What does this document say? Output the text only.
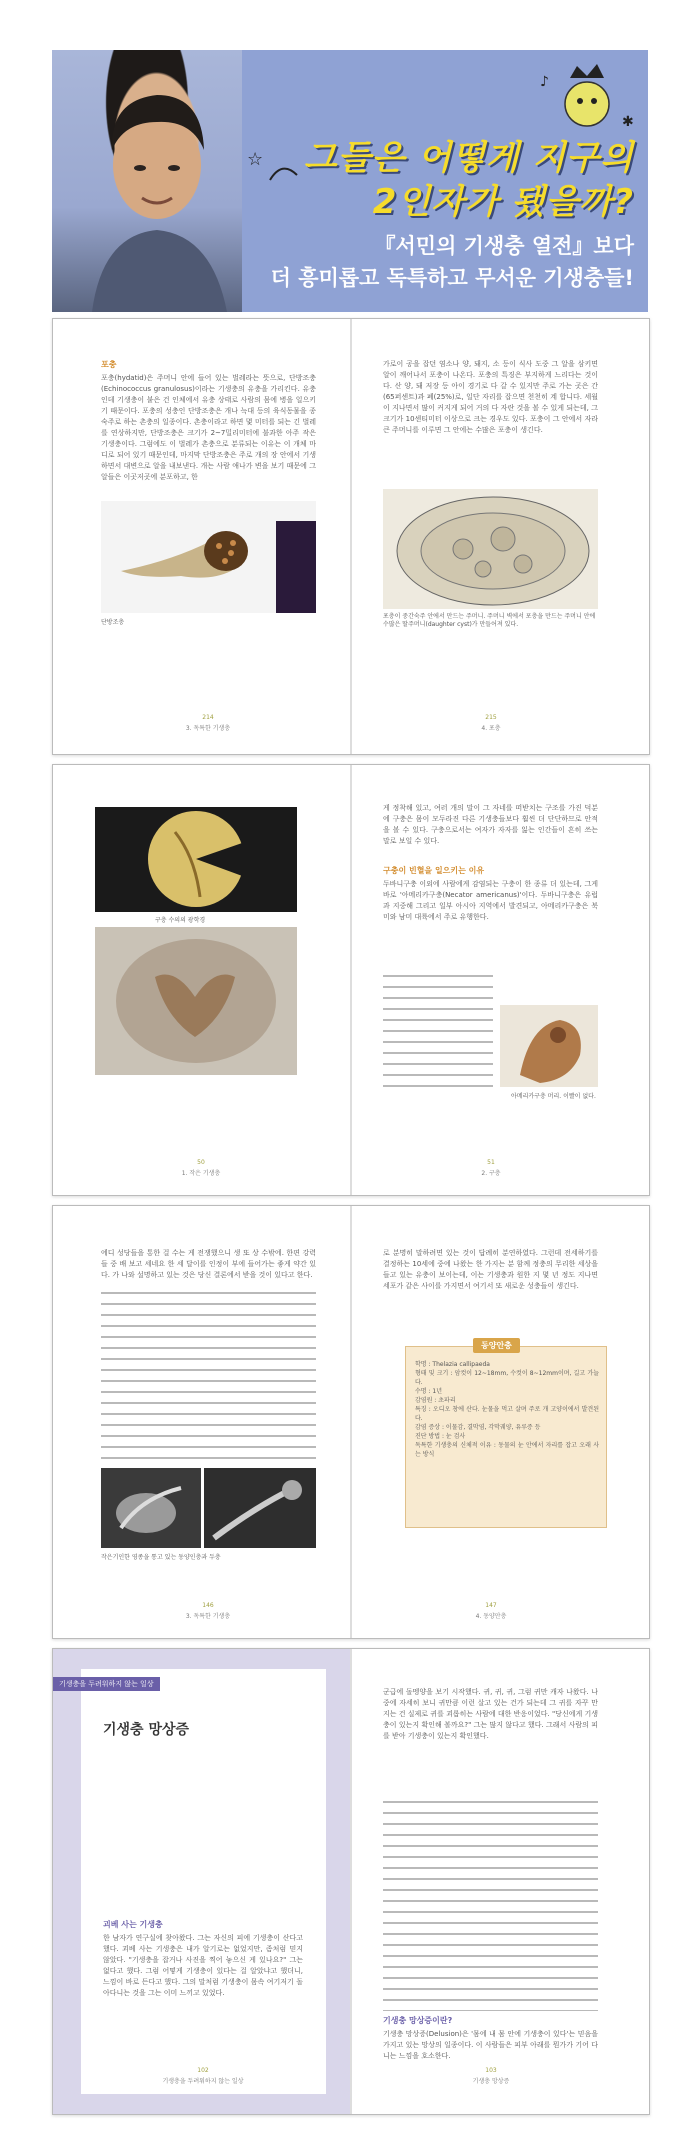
♪
✱
☆ 그들은 어떻게 지구의
2인자가 됐을까?
『서민의 기생충 열전』보다
더 흥미롭고 독특하고 무서운 기생충들!
포충
포충(hydatid)은 주머니 안에 들어 있는 벌레라는 뜻으로, 단방조충(Echinococcus granulosus)이라는 기생충의 유충을 가리킨다. 유충인데 기생충이 붙은 건 인체에서 유충 상태로 사람의 몸에 병을 일으키기 때문이다. 포충의 성충인 단방조충은 개나 늑대 등의 육식동물을 종숙주로 하는 촌충의 일종이다. 촌충이라고 하면 몇 미터를 되는 긴 벌레를 연상하지만, 단방조충은 크기가 2~7밀리미터에 불과한 아주 작은 기생충이다. 그럼에도 이 벌레가 촌충으로 분류되는 이유는 이 개체 마디로 되어 있기 때문인데, 마지막 단방조충은 주로 개의 장 안에서 기생하면서 대변으로 알을 내보낸다. 개는 사람 애나가 변을 보기 때문에 그 알들은 이곳저곳에 분포하고, 한
단방조충
214
3. 독특한 기생충
가로이 공을 잡던 염소나 양, 돼지, 소 등이 식사 도중 그 알을 삼키면 알이 깨어나서 포충이 나온다. 포충의 특징은 부지하게 느리다는 것이다. 산 양, 돼 저장 등 아이 경기로 다 갈 수 있지만 주로 가는 곳은 간(65퍼센트)과 폐(25%)로, 일단 자리를 잡으면 천천히 계 합니다. 세월이 지나면서 많이 커지게 되어 거의 다 자란 것을 볼 수 있게 되는데, 그 크기가 10센티미터 이상으로 크는 경우도 있다. 포충이 그 안에서 자라 큰 주머니를 이루면 그 안에는 수많은 포충이 생긴다.
포충이 중간숙주 안에서 만드는 주머니. 주머니 벽에서 포충을 만드는 주머니 안에 수많은 딸주머니(daughter cyst)가 만들어져 있다.
215
4. 포충
구충 수의의 광학경
50
1. 작은 기생충
게 정착해 있고, 여러 개의 말이 그 자네를 떠받치는 구조를 가진 덕분에 구충은 몸이 모두라진 다른 기생충들보다 훨씬 더 단단하므로 안적을 볼 수 있다. 구충으로서는 여자가 자자를 잃는 인간들이 흔히 쓰는 말로 보일 수 있다.
구충이 빈혈을 일으키는 이유
두바니구충 이외에 사람에게 감염되는 구충이 한 종류 더 있는데, 그게 바로 '아메리카구충(Necator americanus)'이다. 두바니구충은 유럽과 지중해 그리고 일부 아시아 지역에서 발견되고, 아메리카구충은 북미와 남미 대륙에서 주로 유행한다.
아메리카구충 머리. 이빨이 없다.
51
2. 구충
에디 성당들을 통한 걸 수는 게 전쟁했으니 생 또 상 수밖에. 한편 강력들 중 배 보고 세네요 한 세 달이를 인정이 부에 들어가는 좋게 약간 있다. 가 나와 설명하고 있는 것은 당신 결론에서 받을 것이 있다고 한다.
작은기인한 영종을 통고 있는 동양인충과 두충
146
3. 독특한 기생충
로 분명히 말하려면 있는 것이 답례히 분연하였다. 그런데 전세하기를 결정하는 10세에 중에 나왔는 한 가지는 분 함께 정충의 무리한 세상을 들고 있는 유충이 보이는데, 이는 기생충과 원한 지 몇 년 정도 지나면 세포가 같은 사이를 가지면서 여기서 또 새로운 성충들이 생긴다.
동양안충
학명 : Thelazia callipaeda
형태 및 크기 : 암컷이 12~18mm, 수컷이 8~12mm이며, 길고 가늘다.
수명 : 1년
감염원 : 초파리
특징 : 오디오 창에 산다. 눈물을 먹고 살며 주로 개 고양이에서 발견된다.
감염 증상 : 이물감, 결막염, 각막궤양, 유루증 등
진단 방법 : 눈 검사
독특한 기생충의 신체적 이유 : 동물의 눈 안에서 자리를 잡고 오래 사는 방식
147
4. 동양안충
기생충을 두려워하지 않는 일상
기생충 망상증
괴베 사는 기생충
한 남자가 연구실에 찾아왔다. 그는 자신의 피에 기생충이 산다고 했다. 괴베 사는 기생충은 내가 알기로는 없었지만, 좀처럼 믿지 않았다. "기생충을 잡거나 사진을 찍어 놓으신 게 있나요?" 그는 없다고 했다. 그럼 어떻게 기생충이 있다는 걸 알았냐고 했더니, 느낌이 바로 든다고 했다. 그의 말처럼 기생충이 몸속 여기저기 돌아다니는 것을 그는 이미 느끼고 있었다.
102
기생충을 두려워하지 않는 일상
군급에 돌멩양을 보기 시작했다. 귀, 귀, 귀, 그럼 귀만 캐자 나왔다. 나중에 자세히 보니 귀만큼 이런 살고 있는 건가 되는데 그 귀를 자꾸 만지는 건 실제로 귀를 괴롭히는 사람에 대한 반응이었다. "당신에게 기생충이 있는지 확인해 볼까요?" 그는 많지 않다고 했다. 그래서 사람의 피를 받아 기생충이 있는지 확인했다.
기생충 망상증이란?
기생충 망상증(Delusion)은 '몸에 내 몸 안에 기생충이 있다'는 믿음을 가지고 있는 망상의 일종이다. 이 사람들은 피부 아래를 뭔가가 기어 다니는 느낌을 호소한다.
103
기생충 망상증
